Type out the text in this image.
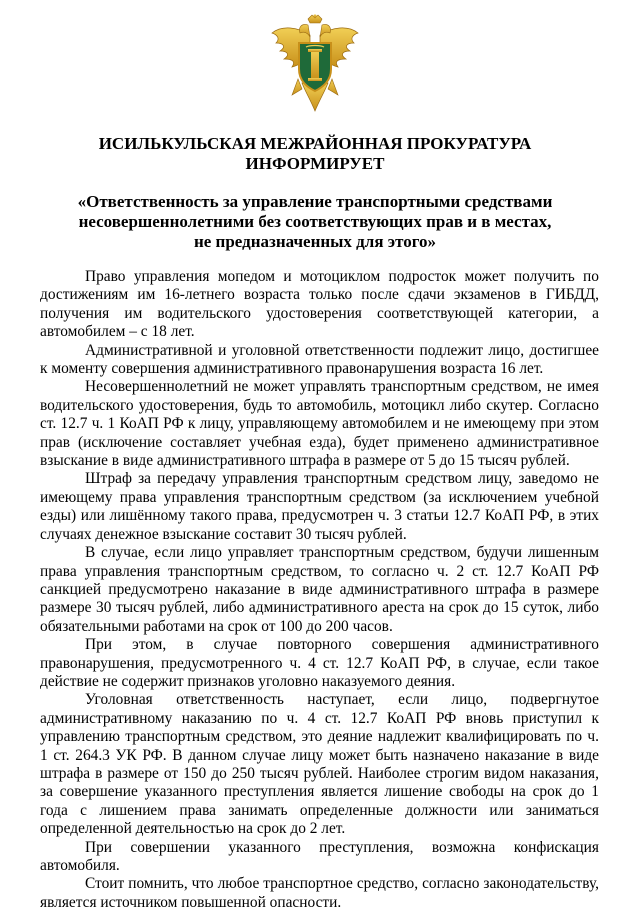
ИСИЛЬКУЛЬСКАЯ МЕЖРАЙОННАЯ ПРОКУРАТУРА
ИНФОРМИРУЕТ
«Ответственность за управление транспортными средствами
несовершеннолетними без соответствующих прав и в местах,
не предназначенных для этого»

Право управления мопедом и мотоциклом подросток может получить по достижениям им 16-летнего возраста только после сдачи экзаменов в ГИБДД, получения им водительского удостоверения соответствующей категории, а автомобилем – с 18 лет.

Административной и уголовной ответственности подлежит лицо, достигшее к моменту совершения административного правонарушения возраста 16 лет.

Несовершеннолетний не может управлять транспортным средством, не имея водительского удостоверения, будь то автомобиль, мотоцикл либо скутер. Согласно ст. 12.7 ч. 1 КоАП РФ к лицу, управляющему автомобилем и не имеющему при этом прав (исключение составляет учебная езда), будет применено административное взыскание в виде административного штрафа в размере от 5 до 15 тысяч рублей.

Штраф за передачу управления транспортным средством лицу, заведомо не имеющему права управления транспортным средством (за исключением учебной езды) или лишённому такого права, предусмотрен ч. 3 статьи 12.7 КоАП РФ, в этих случаях денежное взыскание составит 30 тысяч рублей.

В случае, если лицо управляет транспортным средством, будучи лишенным права управления транспортным средством, то согласно ч. 2 ст. 12.7 КоАП РФ санкцией предусмотрено наказание в виде административного штрафа в размере размере 30 тысяч рублей, либо административного ареста на срок до 15 суток, либо обязательными работами на срок от 100 до 200 часов.

При этом, в случае повторного совершения административного правонарушения, предусмотренного ч. 4 ст. 12.7 КоАП РФ, в случае, если такое действие не содержит признаков уголовно наказуемого деяния.

Уголовная ответственность наступает, если лицо, подвергнутое административному наказанию по ч. 4 ст. 12.7 КоАП РФ вновь приступил к управлению транспортным средством, это деяние надлежит квалифицировать по ч. 1 ст. 264.3 УК РФ. В данном случае лицу может быть назначено наказание в виде штрафа в размере от 150 до 250 тысяч рублей. Наиболее строгим видом наказания, за совершение указанного преступления является лишение свободы на срок до 1 года с лишением права занимать определенные должности или заниматься определенной деятельностью на срок до 2 лет.

При совершении указанного преступления, возможна конфискация автомобиля.

Стоит помнить, что любое транспортное средство, согласно законодательству, является источником повышенной опасности.
